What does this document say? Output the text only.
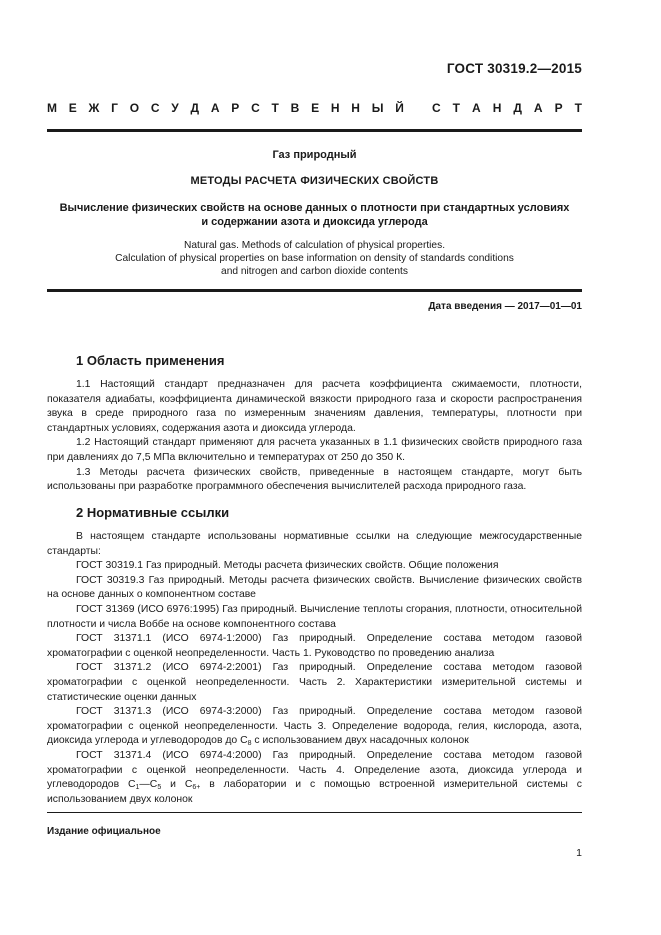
ГОСТ 30319.2—2015
М Е Ж Г О С У Д А Р С Т В Е Н Н Ы Й С Т А Н Д А Р Т
Газ природный
МЕТОДЫ РАСЧЕТА ФИЗИЧЕСКИХ СВОЙСТВ
Вычисление физических свойств на основе данных о плотности при стандартных условиях
и содержании азота и диоксида углерода
Natural gas. Methods of calculation of physical properties.
Calculation of physical properties on base information on density of standards conditions
and nitrogen and carbon dioxide contents
Дата введения — 2017—01—01
1 Область применения

1.1 Настоящий стандарт предназначен для расчета коэффициента сжимаемости, плотности, показателя адиабаты, коэффициента динамической вязкости природного газа и скорости распространения звука в среде природного газа по измеренным значениям давления, температуры, плотности при стандартных условиях, содержания азота и диоксида углерода.

1.2 Настоящий стандарт применяют для расчета указанных в 1.1 физических свойств природного газа при давлениях до 7,5 МПа включительно и температурах от 250 до 350 К.

1.3 Методы расчета физических свойств, приведенные в настоящем стандарте, могут быть использованы при разработке программного обеспечения вычислителей расхода природного газа.

2 Нормативные ссылки

В настоящем стандарте использованы нормативные ссылки на следующие межгосударственные стандарты:

ГОСТ 30319.1 Газ природный. Методы расчета физических свойств. Общие положения

ГОСТ 30319.3 Газ природный. Методы расчета физических свойств. Вычисление физических свойств на основе данных о компонентном составе

ГОСТ 31369 (ИСО 6976:1995) Газ природный. Вычисление теплоты сгорания, плотности, относительной плотности и числа Воббе на основе компонентного состава

ГОСТ 31371.1 (ИСО 6974-1:2000) Газ природный. Определение состава методом газовой хроматографии с оценкой неопределенности. Часть 1. Руководство по проведению анализа

ГОСТ 31371.2 (ИСО 6974-2:2001) Газ природный. Определение состава методом газовой хроматографии с оценкой неопределенности. Часть 2. Характеристики измерительной системы и статистические оценки данных

ГОСТ 31371.3 (ИСО 6974-3:2000) Газ природный. Определение состава методом газовой хроматографии с оценкой неопределенности. Часть 3. Определение водорода, гелия, кислорода, азота, диоксида углерода и углеводородов до $C_8$ с использованием двух насадочных колонок

ГОСТ 31371.4 (ИСО 6974-4:2000) Газ природный. Определение состава методом газовой хроматографии с оценкой неопределенности. Часть 4. Определение азота, диоксида углерода и углеводородов $C_1—C_5$ и $C_{6+}$ в лаборатории и с помощью встроенной измерительной системы с использованием двух колонок

Издание официальное
1
